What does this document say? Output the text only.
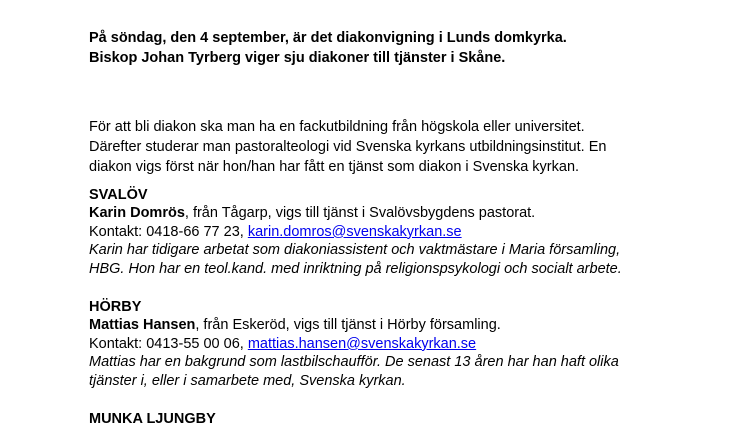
På söndag, den 4 september, är det diakonvigning i Lunds domkyrka.
Biskop Johan Tyrberg viger sju diakoner till tjänster i Skåne.
För att bli diakon ska man ha en fackutbildning från högskola eller universitet.
Därefter studerar man pastoralteologi vid Svenska kyrkans utbildningsinstitut. En
diakon vigs först när hon/han har fått en tjänst som diakon i Svenska kyrkan.
SVALÖV
Karin Domrös, från Tågarp, vigs till tjänst i Svalövsbygdens pastorat.
Kontakt: 0418-66 77 23, karin.domros@svenskakyrkan.se
Karin har tidigare arbetat som diakoniassistent och vaktmästare i Maria församling,
HBG. Hon har en teol.kand. med inriktning på religionspsykologi och socialt arbete.
HÖRBY
Mattias Hansen, från Eskeröd, vigs till tjänst i Hörby församling.
Kontakt: 0413-55 00 06, mattias.hansen@svenskakyrkan.se
Mattias har en bakgrund som lastbilschaufför. De senast 13 åren har han haft olika
tjänster i, eller i samarbete med, Svenska kyrkan.
MUNKA LJUNGBY
